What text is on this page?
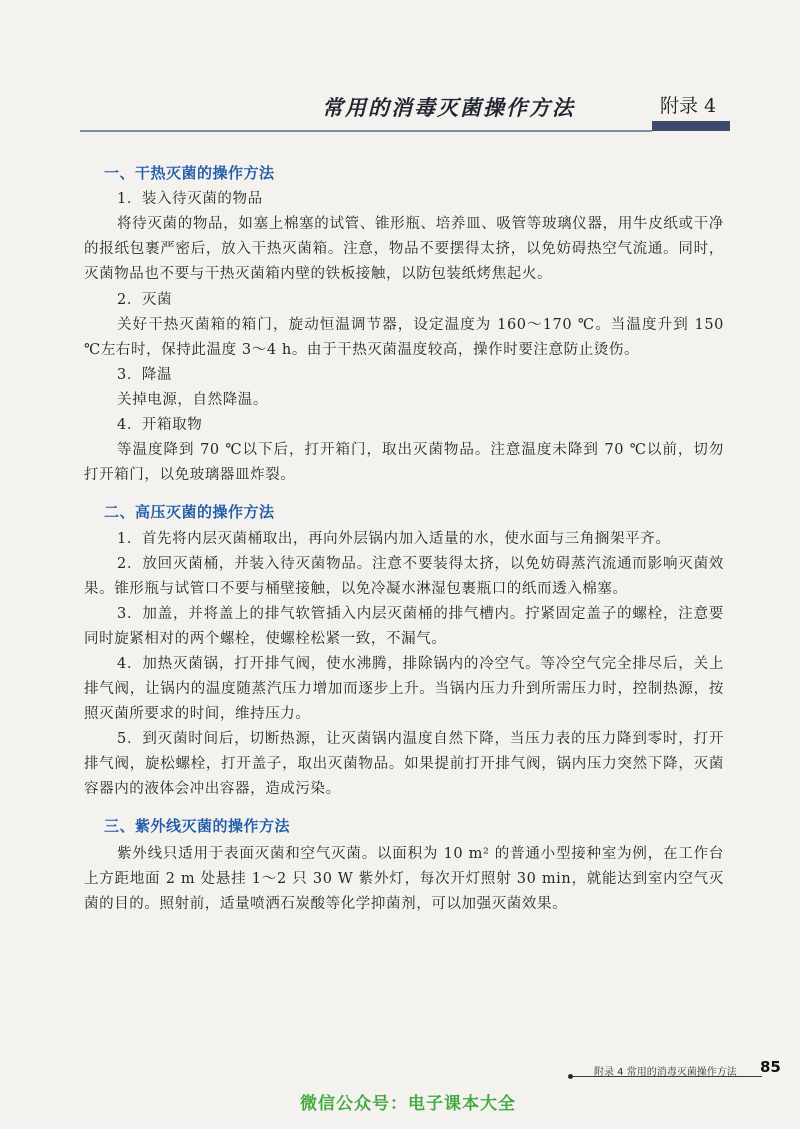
常用的消毒灭菌操作方法	附录 4
一、干热灭菌的操作方法
1．装入待灭菌的物品
将待灭菌的物品，如塞上棉塞的试管、锥形瓶、培养皿、吸管等玻璃仪器，用牛皮纸或干净的报纸包裹严密后，放入干热灭菌箱。注意，物品不要摆得太挤，以免妨碍热空气流通。同时，灭菌物品也不要与干热灭菌箱内壁的铁板接触，以防包装纸烤焦起火。
2．灭菌
关好干热灭菌箱的箱门，旋动恒温调节器，设定温度为 160～170 ℃。当温度升到 150 ℃左右时，保持此温度 3～4 h。由于干热灭菌温度较高，操作时要注意防止烫伤。
3．降温
关掉电源，自然降温。
4．开箱取物
等温度降到 70 ℃以下后，打开箱门，取出灭菌物品。注意温度未降到 70 ℃以前，切勿打开箱门，以免玻璃器皿炸裂。
二、高压灭菌的操作方法
1．首先将内层灭菌桶取出，再向外层锅内加入适量的水，使水面与三角搁架平齐。
2．放回灭菌桶，并装入待灭菌物品。注意不要装得太挤，以免妨碍蒸汽流通而影响灭菌效果。锥形瓶与试管口不要与桶壁接触，以免冷凝水淋湿包裹瓶口的纸而透入棉塞。
3．加盖，并将盖上的排气软管插入内层灭菌桶的排气槽内。拧紧固定盖子的螺栓，注意要同时旋紧相对的两个螺栓，使螺栓松紧一致，不漏气。
4．加热灭菌锅，打开排气阀，使水沸腾，排除锅内的冷空气。等冷空气完全排尽后，关上排气阀，让锅内的温度随蒸汽压力增加而逐步上升。当锅内压力升到所需压力时，控制热源，按照灭菌所要求的时间，维持压力。
5．到灭菌时间后，切断热源，让灭菌锅内温度自然下降，当压力表的压力降到零时，打开排气阀，旋松螺栓，打开盖子，取出灭菌物品。如果提前打开排气阀，锅内压力突然下降，灭菌容器内的液体会冲出容器，造成污染。
三、紫外线灭菌的操作方法
紫外线只适用于表面灭菌和空气灭菌。以面积为 10 m² 的普通小型接种室为例，在工作台上方距地面 2 m 处悬挂 1～2 只 30 W 紫外灯，每次开灯照射 30 min，就能达到室内空气灭菌的目的。照射前，适量喷洒石炭酸等化学抑菌剂，可以加强灭菌效果。
附录 4 常用的消毒灭菌操作方法 85
微信公众号：电子课本大全
